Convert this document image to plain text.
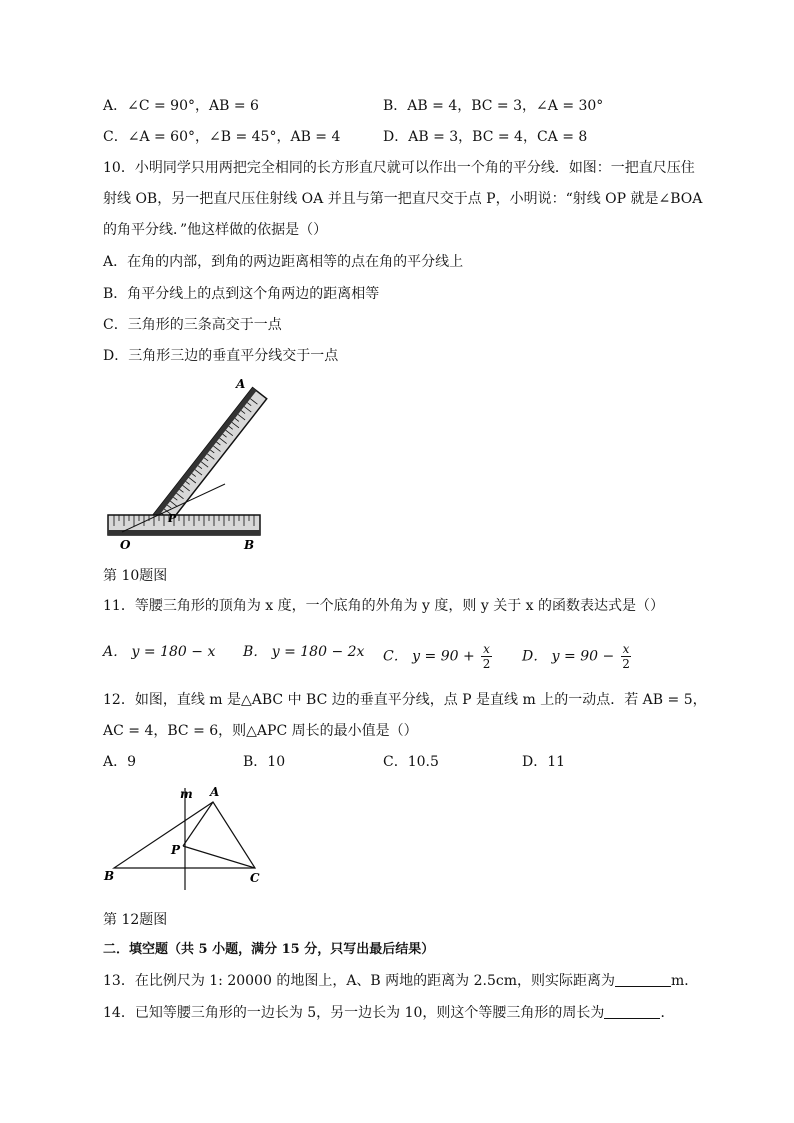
A．∠C = 90°，AB = 6	B．AB = 4，BC = 3，∠A = 30°
C．∠A = 60°，∠B = 45°，AB = 4	D．AB = 3，BC = 4，CA = 8
10．小明同学只用两把完全相同的长方形直尺就可以作出一个角的平分线．如图：一把直尺压住
射线 OB，另一把直尺压住射线 OA 并且与第一把直尺交于点 P，小明说：“射线 OP 就是∠BOA
的角平分线．”他这样做的依据是（）
A．在角的内部，到角的两边距离相等的点在角的平分线上
B．角平分线上的点到这个角两边的距离相等
C．三角形的三条高交于一点
D．三角形三边的垂直平分线交于一点
A
P
O	B
第 10题图
11．等腰三角形的顶角为 x 度，一个底角的外角为 y 度，则 y 关于 x 的函数表达式是（）
A． y = 180 − x B． y = 180 − 2x C． $y = 90 + \frac{x}{2}$ D． $y = 90 - \frac{x}{2}$
12．如图，直线 m 是△ABC 中 BC 边的垂直平分线，点 P 是直线 m 上的一动点．若 AB = 5，
AC = 4，BC = 6，则△APC 周长的最小值是（）
A．9	B．10	C．10.5	D．11
m A
P
B	C
第 12题图
二．填空题（共 5 小题，满分 15 分，只写出最后结果）
13．在比例尺为 1: 20000 的地图上，A、B 两地的距离为 2.5cm，则实际距离为	m．
14．已知等腰三角形的一边长为 5，另一边长为 10，则这个等腰三角形的周长为	．
